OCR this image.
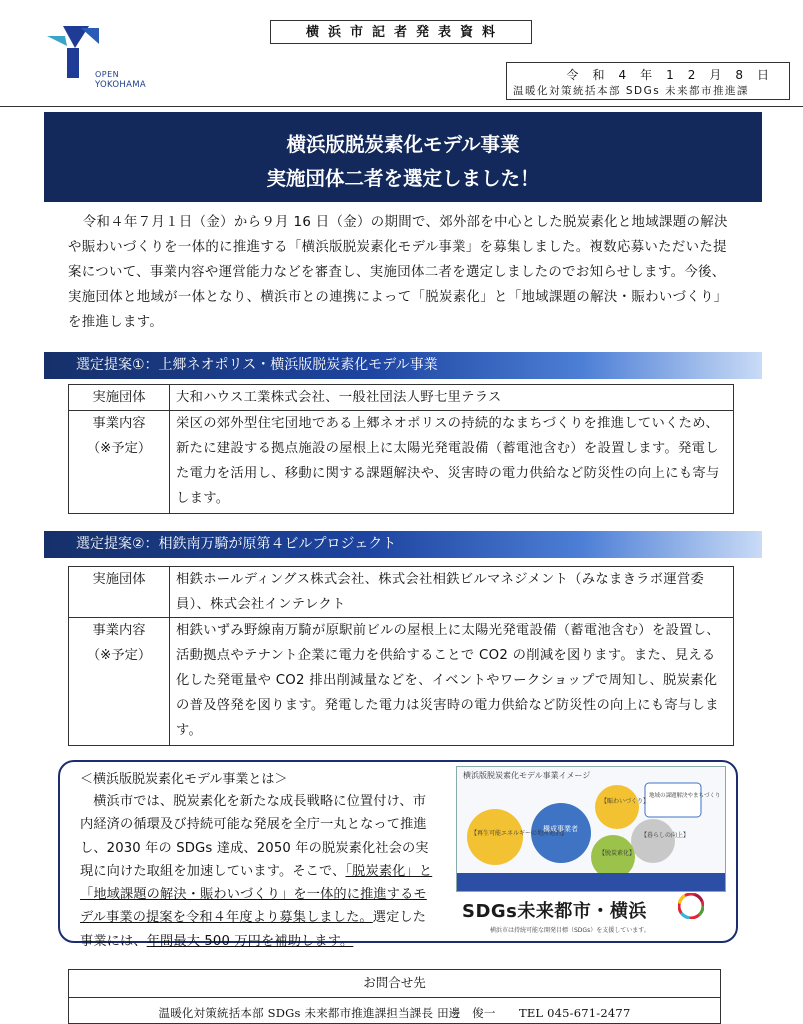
OPEN
YOKOHAMA
横浜市記者発表資料
令和4年12月8日
温暖化対策統括本部 SDGs 未来都市推進課
横浜版脱炭素化モデル事業
実施団体二者を選定しました！

令和４年７月１日（金）から９月 16 日（金）の期間で、郊外部を中心とした脱炭素化と地域課題の解決や賑わいづくりを一体的に推進する「横浜版脱炭素化モデル事業」を募集しました。複数応募いただいた提案について、事業内容や運営能力などを審査し、実施団体二者を選定しましたのでお知らせします。今後、実施団体と地域が一体となり、横浜市との連携によって「脱炭素化」と「地域課題の解決・賑わいづくり」を推進します。

選定提案①：上郷ネオポリス・横浜版脱炭素化モデル事業
実施団体	大和ハウス工業株式会社、一般社団法人野七里テラス

事業内容
（※予定）	栄区の郊外型住宅団地である上郷ネオポリスの持続的なまちづくりを推進していくため、新たに建設する拠点施設の屋根上に太陽光発電設備（蓄電池含む）を設置します。発電した電力を活用し、移動に関する課題解決や、災害時の電力供給など防災性の向上にも寄与します。
選定提案②：相鉄南万騎が原第４ビルプロジェクト
実施団体	相鉄ホールディングス株式会社、株式会社相鉄ビルマネジメント（みなまきラボ運営委員）、株式会社インテレクト

事業内容
（※予定）	相鉄いずみ野線南万騎が原駅前ビルの屋根上に太陽光発電設備（蓄電池含む）を設置し、活動拠点やテナント企業に電力を供給することで CO2 の削減を図ります。また、見える化した発電量や CO2 排出削減量などを、イベントやワークショップで周知し、脱炭素化の普及啓発を図ります。発電した電力は災害時の電力供給など防災性の向上にも寄与します。
＜横浜版脱炭素化モデル事業とは＞

横浜市では、脱炭素化を新たな成長戦略に位置付け、市内経済の循環及び持続可能な発展を全庁一丸となって推進し、2030 年の SDGs 達成、2050 年の脱炭素化社会の実現に向けた取組を加速しています。そこで、「脱炭素化」と「地域課題の解決・賑わいづくり」を一体的に推進するモデル事業の提案を令和４年度より募集しました。選定した事業には、年間最大 500 万円を補助します。

横浜版脱炭素化モデル事業イメージ
【再生可能エネルギーの地産地消】
構成事業者
【賑わいづくり】
【暮らしの向上】
【脱炭素化】
地域の課題解決やまちづくり
SDGs未来都市・横浜
横浜市は持続可能な開発目標（SDGs）を支援しています。
お問合せ先
温暖化対策統括本部 SDGs 未来都市推進課担当課長 田邊　俊一　　TEL 045-671-2477
